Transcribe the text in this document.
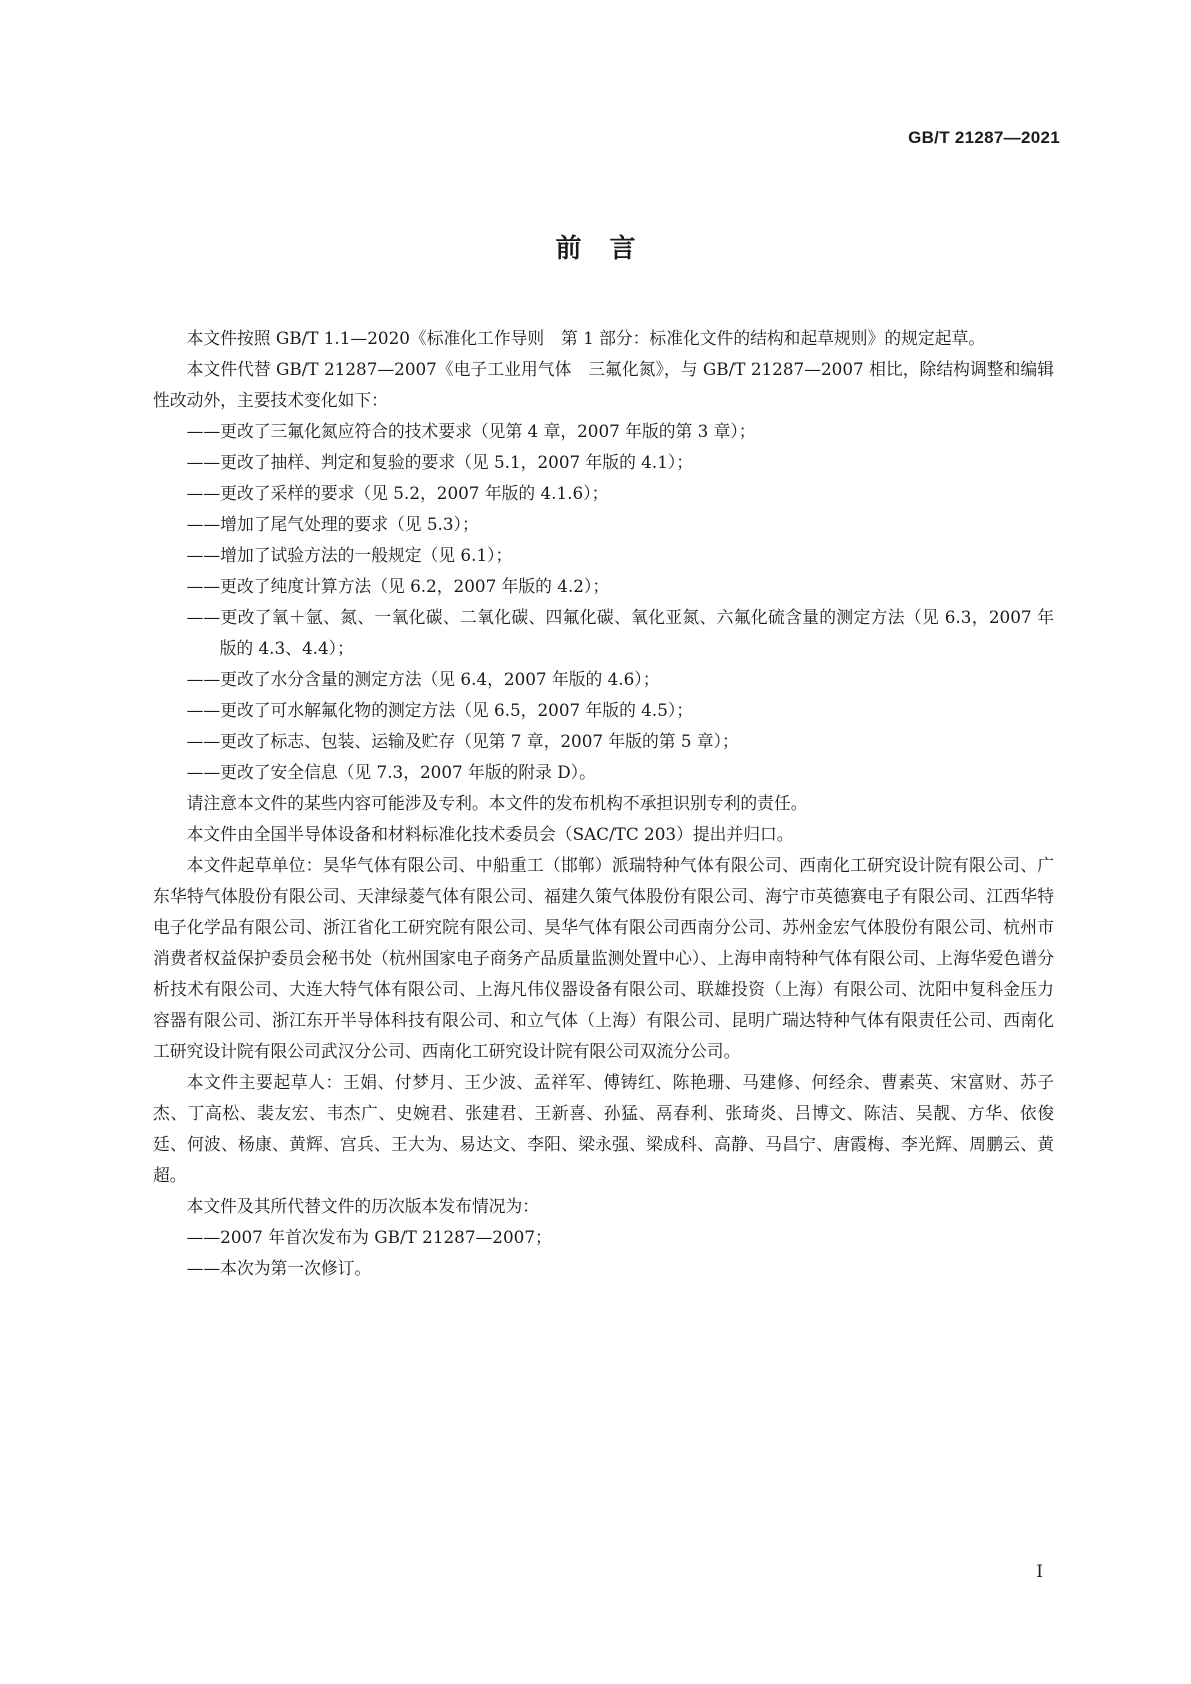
GB/T 21287—2021
前言

本文件按照 GB/T 1.1—2020《标准化工作导则　第 1 部分：标准化文件的结构和起草规则》的规定起草。

本文件代替 GB/T 21287—2007《电子工业用气体　三氟化氮》，与 GB/T 21287—2007 相比，除结构调整和编辑性改动外，主要技术变化如下：

——更改了三氟化氮应符合的技术要求（见第 4 章，2007 年版的第 3 章）；

——更改了抽样、判定和复验的要求（见 5.1，2007 年版的 4.1）；

——更改了采样的要求（见 5.2，2007 年版的 4.1.6）；

——增加了尾气处理的要求（见 5.3）；

——增加了试验方法的一般规定（见 6.1）；

——更改了纯度计算方法（见 6.2，2007 年版的 4.2）；

——更改了氧＋氩、氮、一氧化碳、二氧化碳、四氟化碳、氧化亚氮、六氟化硫含量的测定方法（见 6.3，2007 年版的 4.3、4.4）；

——更改了水分含量的测定方法（见 6.4，2007 年版的 4.6）；

——更改了可水解氟化物的测定方法（见 6.5，2007 年版的 4.5）；

——更改了标志、包装、运输及贮存（见第 7 章，2007 年版的第 5 章）；

——更改了安全信息（见 7.3，2007 年版的附录 D）。

请注意本文件的某些内容可能涉及专利。本文件的发布机构不承担识别专利的责任。

本文件由全国半导体设备和材料标准化技术委员会（SAC/TC 203）提出并归口。

本文件起草单位：昊华气体有限公司、中船重工（邯郸）派瑞特种气体有限公司、西南化工研究设计院有限公司、广东华特气体股份有限公司、天津绿菱气体有限公司、福建久策气体股份有限公司、海宁市英德赛电子有限公司、江西华特电子化学品有限公司、浙江省化工研究院有限公司、昊华气体有限公司西南分公司、苏州金宏气体股份有限公司、杭州市消费者权益保护委员会秘书处（杭州国家电子商务产品质量监测处置中心）、上海申南特种气体有限公司、上海华爱色谱分析技术有限公司、大连大特气体有限公司、上海凡伟仪器设备有限公司、联雄投资（上海）有限公司、沈阳中复科金压力容器有限公司、浙江东开半导体科技有限公司、和立气体（上海）有限公司、昆明广瑞达特种气体有限责任公司、西南化工研究设计院有限公司武汉分公司、西南化工研究设计院有限公司双流分公司。

本文件主要起草人：王娟、付梦月、王少波、孟祥军、傅铸红、陈艳珊、马建修、何经余、曹素英、宋富财、苏子杰、丁高松、裴友宏、韦杰广、史婉君、张建君、王新喜、孙猛、鬲春利、张琦炎、吕博文、陈洁、吴靓、方华、依俊廷、何波、杨康、黄辉、宫兵、王大为、易达文、李阳、梁永强、梁成科、高静、马昌宁、唐霞梅、李光辉、周鹏云、黄超。

本文件及其所代替文件的历次版本发布情况为：

——2007 年首次发布为 GB/T 21287—2007；

——本次为第一次修订。

I
